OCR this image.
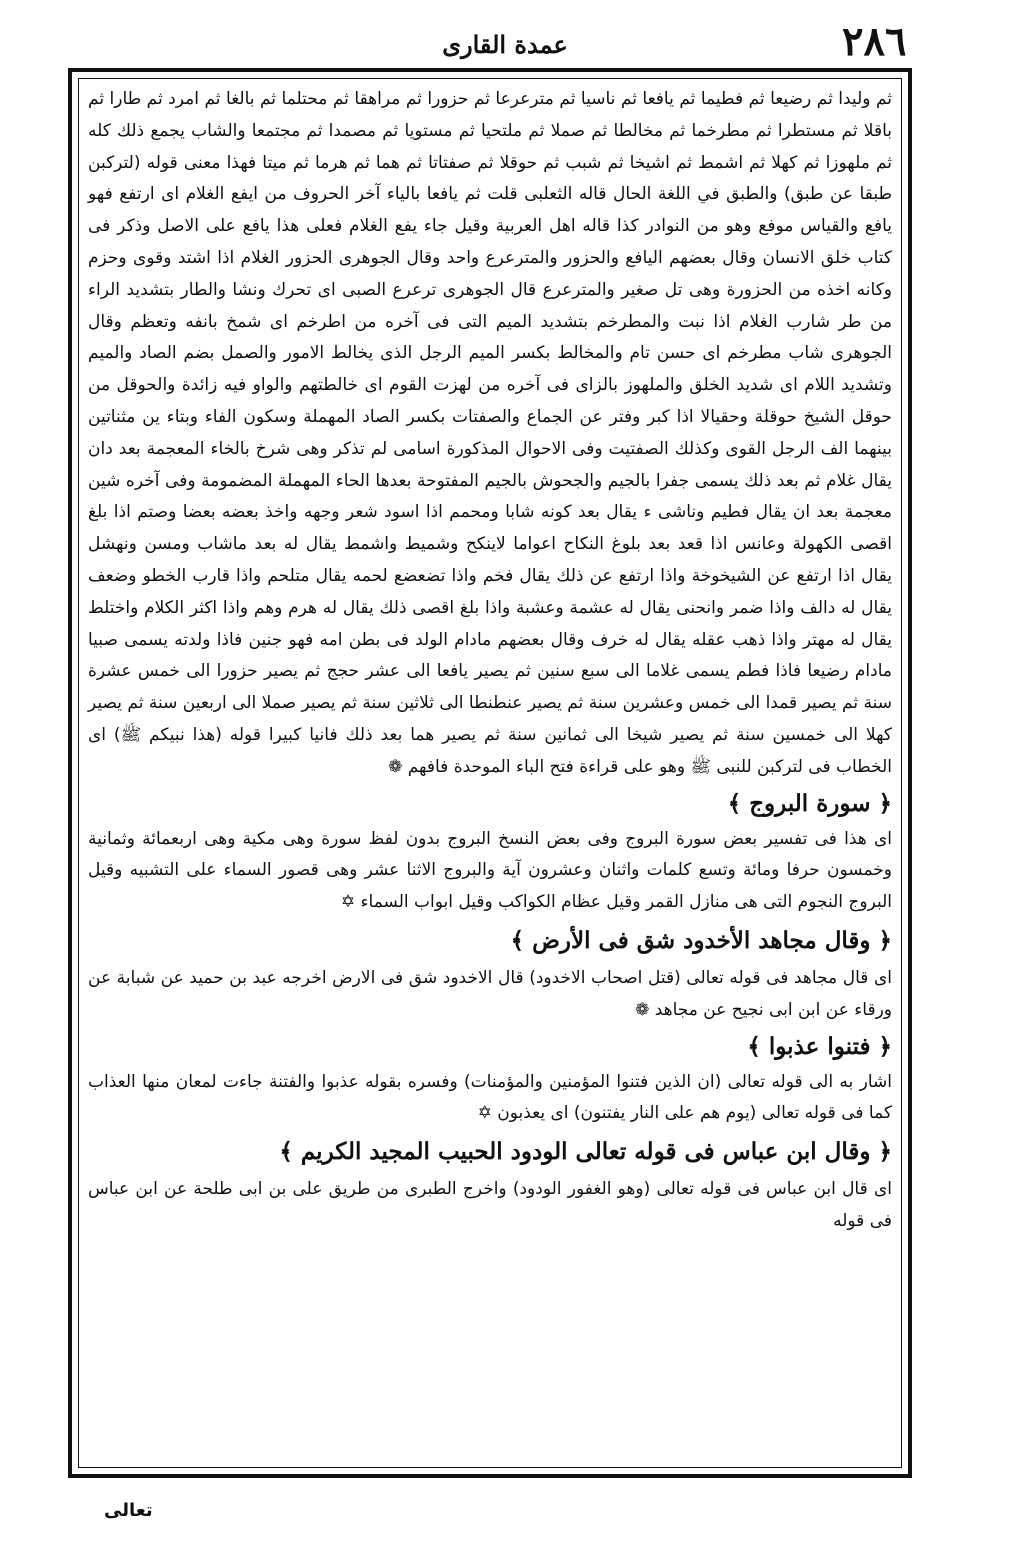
٢٨٦
عمدة القارى

ثم وليدا ثم رضيعا ثم فطيما ثم يافعا ثم ناسيا ثم مترعرعا ثم حزورا ثم مراهقا ثم محتلما ثم بالغا ثم امرد ثم طارا ثم باقلا ثم مستطرا ثم مطرخما ثم مخالطا ثم صملا ثم ملتحيا ثم مستويا ثم مصمدا ثم مجتمعا والشاب يجمع ذلك كله ثم ملهوزا ثم كهلا ثم اشمط ثم اشيخا ثم شبب ثم حوقلا ثم صفتاتا ثم هما ثم هرما ثم ميتا فهذا معنى قوله (لتركبن طبقا عن طبق) والطبق في اللغة الحال قاله الثعلبى قلت ثم يافعا بالياء آخر الحروف من ايفع الغلام اى ارتفع فهو يافع والقياس موفع وهو من النوادر كذا قاله اهل العربية وقيل جاء يفع الغلام فعلى هذا يافع على الاصل وذكر فى كتاب خلق الانسان وقال بعضهم اليافع والحزور والمترعرع واحد وقال الجوهرى الحزور الغلام اذا اشتد وقوى وحزم وكانه اخذه من الحزورة وهى تل صغير والمترعرع قال الجوهرى ترعرع الصبى اى تحرك ونشا والطار بتشديد الراء من طر شارب الغلام اذا نبت والمطرخم بتشديد الميم التى فى آخره من اطرخم اى شمخ بانفه وتعظم وقال الجوهرى شاب مطرخم اى حسن تام والمخالط بكسر الميم الرجل الذى يخالط الامور والصمل بضم الصاد والميم وتشديد اللام اى شديد الخلق والملهوز بالزاى فى آخره من لهزت القوم اى خالطتهم والواو فيه زائدة والحوقل من حوقل الشيخ حوقلة وحقيالا اذا كبر وفتر عن الجماع والصفتات بكسر الصاد المهملة وسكون الفاء وبتاء ين مثناتين بينهما الف الرجل القوى وكذلك الصفتيت وفى الاحوال المذكورة اسامى لم تذكر وهى شرخ بالخاء المعجمة بعد دان يقال غلام ثم بعد ذلك يسمى جفرا بالجيم والجحوش بالجيم المفتوحة بعدها الحاء المهملة المضمومة وفى آخره شين معجمة بعد ان يقال فطيم وناشى ء يقال بعد كونه شابا ومحمم اذا اسود شعر وجهه واخذ بعضه بعضا وصتم اذا بلغ اقصى الكهولة وعانس اذا قعد بعد بلوغ النكاح اعواما لاينكح وشميط واشمط يقال له بعد ماشاب ومسن ونهشل يقال اذا ارتفع عن الشيخوخة واذا ارتفع عن ذلك يقال فخم واذا تضعضع لحمه يقال متلحم واذا قارب الخطو وضعف يقال له دالف واذا ضمر وانحنى يقال له عشمة وعشبة واذا بلغ اقصى ذلك يقال له هرم وهم واذا اكثر الكلام واختلط يقال له مهتر واذا ذهب عقله يقال له خرف وقال بعضهم مادام الولد فى بطن امه فهو جنين فاذا ولدته يسمى صبيا مادام رضيعا فاذا فطم يسمى غلاما الى سبع سنين ثم يصير يافعا الى عشر حجج ثم يصير حزورا الى خمس عشرة سنة ثم يصير قمدا الى خمس وعشرين سنة ثم يصير عنطنطا الى ثلاثين سنة ثم يصير صملا الى اربعين سنة ثم يصير كهلا الى خمسين سنة ثم يصير شيخا الى ثمانين سنة ثم يصير هما بعد ذلك فانيا كبيرا قوله (هذا نبيكم ﷺ) اى الخطاب فى لتركبن للنبى ﷺ وهو على قراءة فتح الباء الموحدة فافهم ❁

﴿ سورة البروج ﴾

اى هذا فى تفسير بعض سورة البروج وفى بعض النسخ البروج بدون لفظ سورة وهى مكية وهى اربعمائة وثمانية وخمسون حرفا ومائة وتسع كلمات واثنان وعشرون آية والبروج الاثنا عشر وهى قصور السماء على التشبيه وقيل البروج النجوم التى هى منازل القمر وقيل عظام الكواكب وقيل ابواب السماء ✡

﴿ وقال مجاهد الأخدود شق فى الأرض ﴾

اى قال مجاهد فى قوله تعالى (قتل اصحاب الاخدود) قال الاخدود شق فى الارض اخرجه عبد بن حميد عن شبابة عن ورقاء عن ابن ابى نجيح عن مجاهد ❁

﴿ فتنوا عذبوا ﴾

اشار به الى قوله تعالى (ان الذين فتنوا المؤمنين والمؤمنات) وفسره بقوله عذبوا والفتنة جاءت لمعان منها العذاب كما فى قوله تعالى (يوم هم على النار يفتنون) اى يعذبون ✡

﴿ وقال ابن عباس فى قوله تعالى الودود الحبيب المجيد الكريم ﴾

اى قال ابن عباس فى قوله تعالى (وهو الغفور الودود) واخرج الطبرى من طريق على بن ابى طلحة عن ابن عباس فى قوله

تعالى
